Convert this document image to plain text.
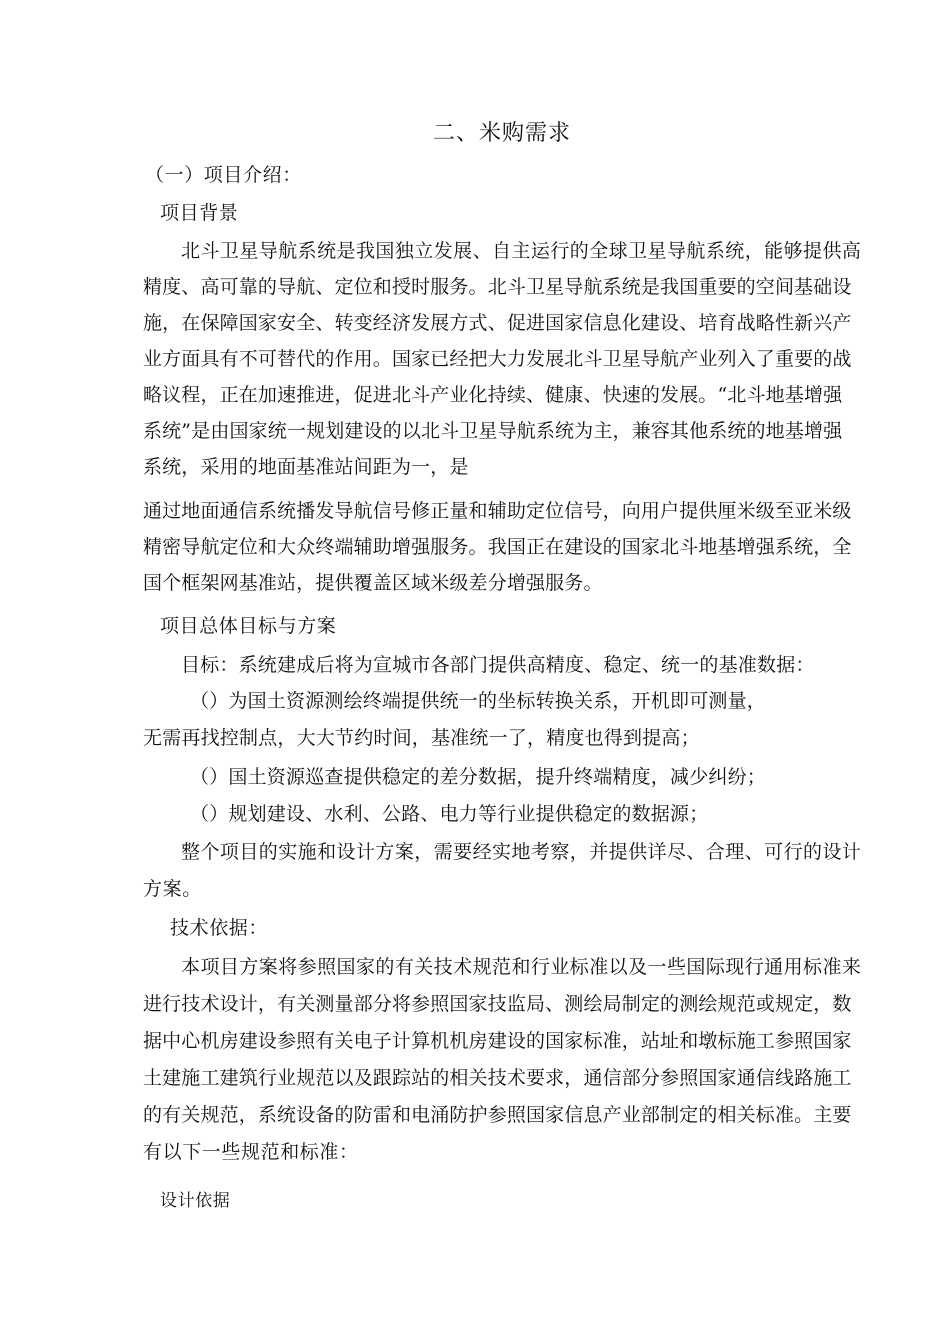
二、米购需求
（一）项目介绍：
项目背景
北 斗 卫 星 导 航 系 统 是 我 国 独 立 发 展 、 自 主 运 行 的 全 球 卫 星 导 航 系 统 ， 能 够 提 供 高
精度、高可靠的导航、定位和授时服务。北斗卫星导航系统是我国重要的空间基础设
施，在保障国家安全、转变经济发展方式、促进国家信息化建设、培育战略性新兴产
业方面具有不可替代的作用。国家已经把大力发展北斗卫星导航产业列入了重要的战
略议程，正在加速推进，促进北斗产业化持续、健康、快速的发展。“北斗地基增强
系统”是由国家统一规划建设的以北斗卫星导航系统为主，兼容其他系统的地基增强
系统，采用的地面基准站间距为一，是
通过地面通信系统播发导航信号修正量和辅助定位信号，向用户提供厘米级至亚米级
精密导航定位和大众终端辅助增强服务。我国正在建设的国家北斗地基增强系统，全
国个框架网基准站，提供覆盖区域米级差分增强服务。
项目总体目标与方案
目标：系统建成后将为宣城市各部门提供高精度、稳定、统一的基准数据：
（）为国土资源测绘终端提供统一的坐标转换关系，开机即可测量，
无需再找控制点，大大节约时间，基准统一了，精度也得到提高；
（）国土资源巡查提供稳定的差分数据，提升终端精度，减少纠纷；
（）规划建设、水利、公路、电力等行业提供稳定的数据源；
整 个 项 目 的 实 施 和 设 计 方 案 ， 需 要 经 实 地 考 察 ， 并 提 供 详 尽 、 合 理 、 可 行 的 设 计
方案。
技术依据：
本 项 目 方 案 将 参 照 国 家 的 有 关 技 术 规 范 和 行 业 标 准 以 及 一 些 国 际 现 行 通 用 标 准 来
进行技术设计，有关测量部分将参照国家技监局、测绘局制定的测绘规范或规定，数
据中心机房建设参照有关电子计算机机房建设的国家标准，站址和墩标施工参照国家
土建施工建筑行业规范以及跟踪站的相关技术要求，通信部分参照国家通信线路施工
的有关规范，系统设备的防雷和电涌防护参照国家信息产业部制定的相关标准。主要
有以下一些规范和标准：
设计依据
